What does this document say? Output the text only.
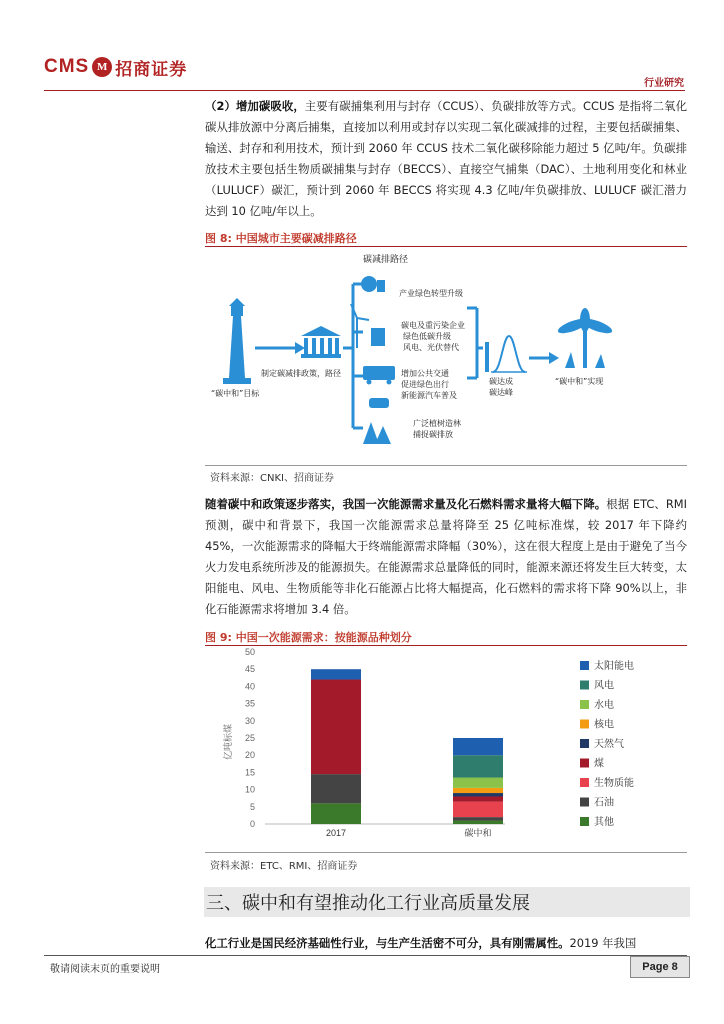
CMS M 招商证券
行业研究
（2）增加碳吸收，主要有碳捕集利用与封存（CCUS）、负碳排放等方式。CCUS 是指将二氧化碳从排放源中分离后捕集，直接加以利用或封存以实现二氧化碳减排的过程，主要包括碳捕集、输送、封存和利用技术，预计到 2060 年 CCUS 技术二氧化碳移除能力超过 5 亿吨/年。负碳排放技术主要包括生物质碳捕集与封存（BECCS）、直接空气捕集（DAC）、土地利用变化和林业（LULUCF）碳汇，预计到 2060 年 BECCS 将实现 4.3 亿吨/年负碳排放、LULUCF 碳汇潜力达到 10 亿吨/年以上。
图 8: 中国城市主要碳减排路径
碳减排路径
“碳中和”目标
制定碳减排政策，路径
产业绿色转型升级
碳电及重污染企业绿色低碳升级风电、光伏替代
增加公共交通促进绿色出行新能源汽车普及
广泛植树造林捕捉碳排放
碳达成碳达峰
“碳中和”实现
资料来源：CNKI、招商证券
随着碳中和政策逐步落实，我国一次能源需求量及化石燃料需求量将大幅下降。根据 ETC、RMI 预测，碳中和背景下，我国一次能源需求总量将降至 25 亿吨标准煤，较 2017 年下降约 45%，一次能源需求的降幅大于终端能源需求降幅（30%），这在很大程度上是由于避免了当今火力发电系统所涉及的能源损失。在能源需求总量降低的同时，能源来源还将发生巨大转变，太阳能电、风电、生物质能等非化石能源占比将大幅提高，化石燃料的需求将下降 90%以上，非化石能源需求将增加 3.4 倍。
图 9: 中国一次能源需求：按能源品种划分
0
5
10
15
20
25
30
35
40
45
50
亿吨标煤
2017	碳中和
太阳能电
风电
水电
核电
天然气
煤
生物质能
石油
其他
资料来源：ETC、RMI、招商证券
三、碳中和有望推动化工行业高质量发展
化工行业是国民经济基础性行业，与生产生活密不可分，具有刚需属性。2019 年我国
敬请阅读末页的重要说明	Page 8
